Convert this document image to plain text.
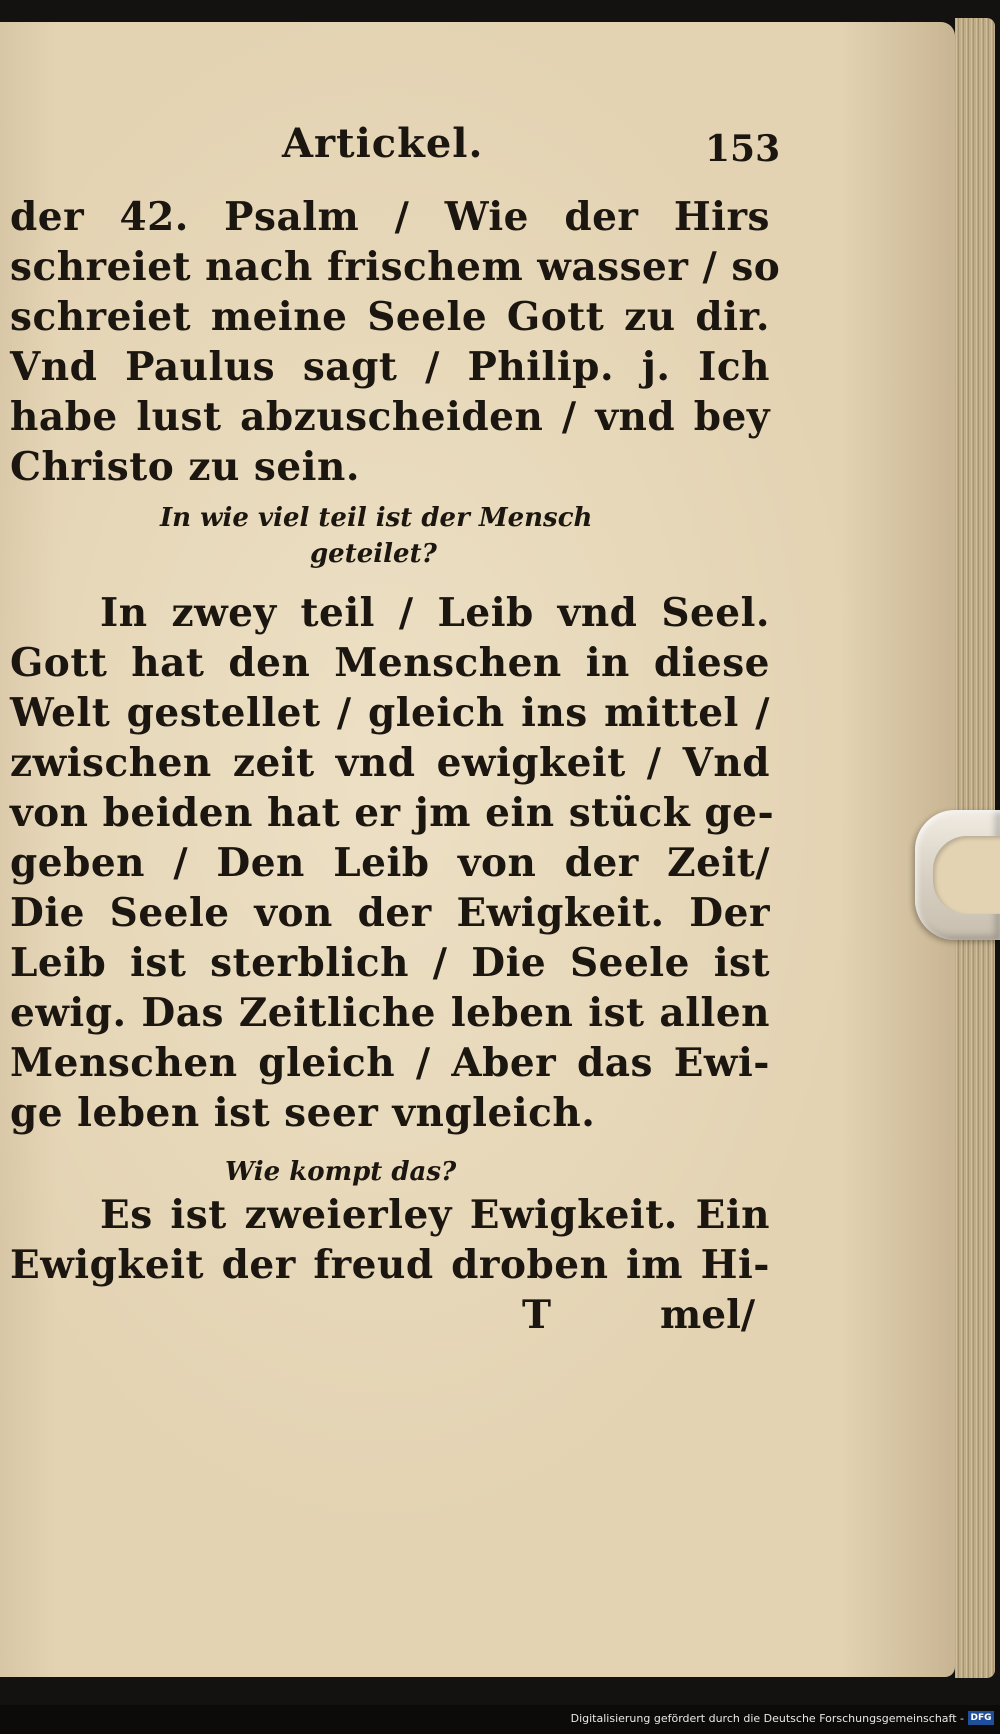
Artickel.	153
der 42. Psalm / Wie der Hirs
schreiet nach frischem wasser / so
schreiet meine Seele Gott zu dir.
Vnd Paulus sagt / Philip. j. Ich
habe lust abzuscheiden / vnd bey
Christo zu sein.
In wie viel teil ist der Mensch
geteilet?
In zwey teil / Leib vnd Seel.
Gott hat den Menschen in diese
Welt gestellet / gleich ins mittel /
zwischen zeit vnd ewigkeit / Vnd
von beiden hat er jm ein stück ge-
geben / Den Leib von der Zeit/
Die Seele von der Ewigkeit. Der
Leib ist sterblich / Die Seele ist
ewig. Das Zeitliche leben ist allen
Menschen gleich / Aber das Ewi-
ge leben ist seer vngleich.
Wie kompt das?
Es ist zweierley Ewigkeit. Ein
Ewigkeit der freud droben im Hi-
T	mel/
Digitalisierung gefördert durch die Deutsche Forschungsgemeinschaft - DFG
